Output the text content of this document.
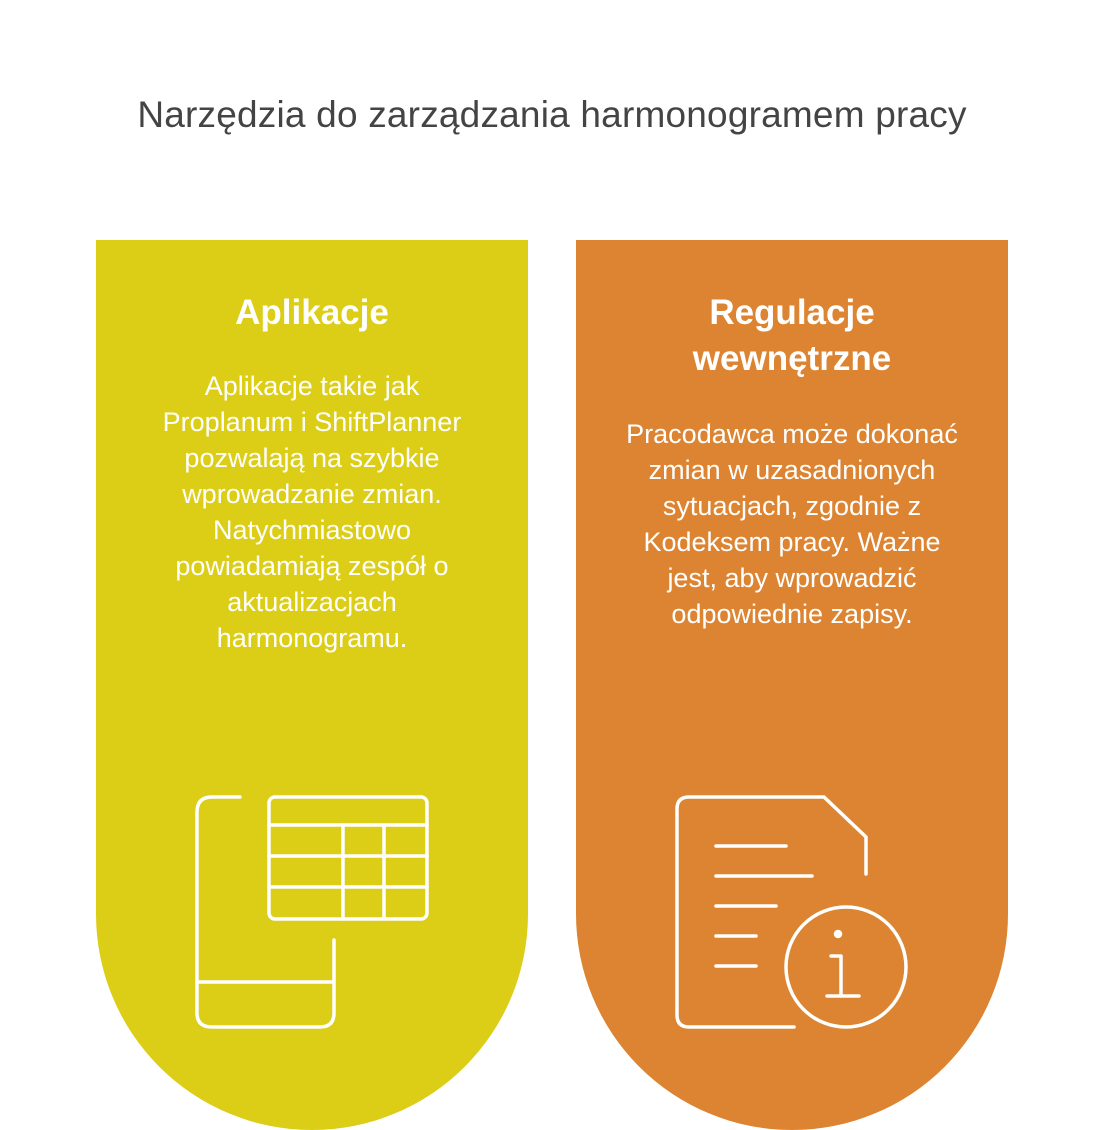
Narzędzia do zarządzania harmonogramem pracy
Aplikacje
Aplikacje takie jak Proplanum i ShiftPlanner pozwalają na szybkie wprowadzanie zmian. Natychmiastowo powiadamiają zespół o aktualizacjach harmonogramu.
Regulacje wewnętrzne
Pracodawca może dokonać zmian w uzasadnionych sytuacjach, zgodnie z Kodeksem pracy. Ważne jest, aby wprowadzić odpowiednie zapisy.
